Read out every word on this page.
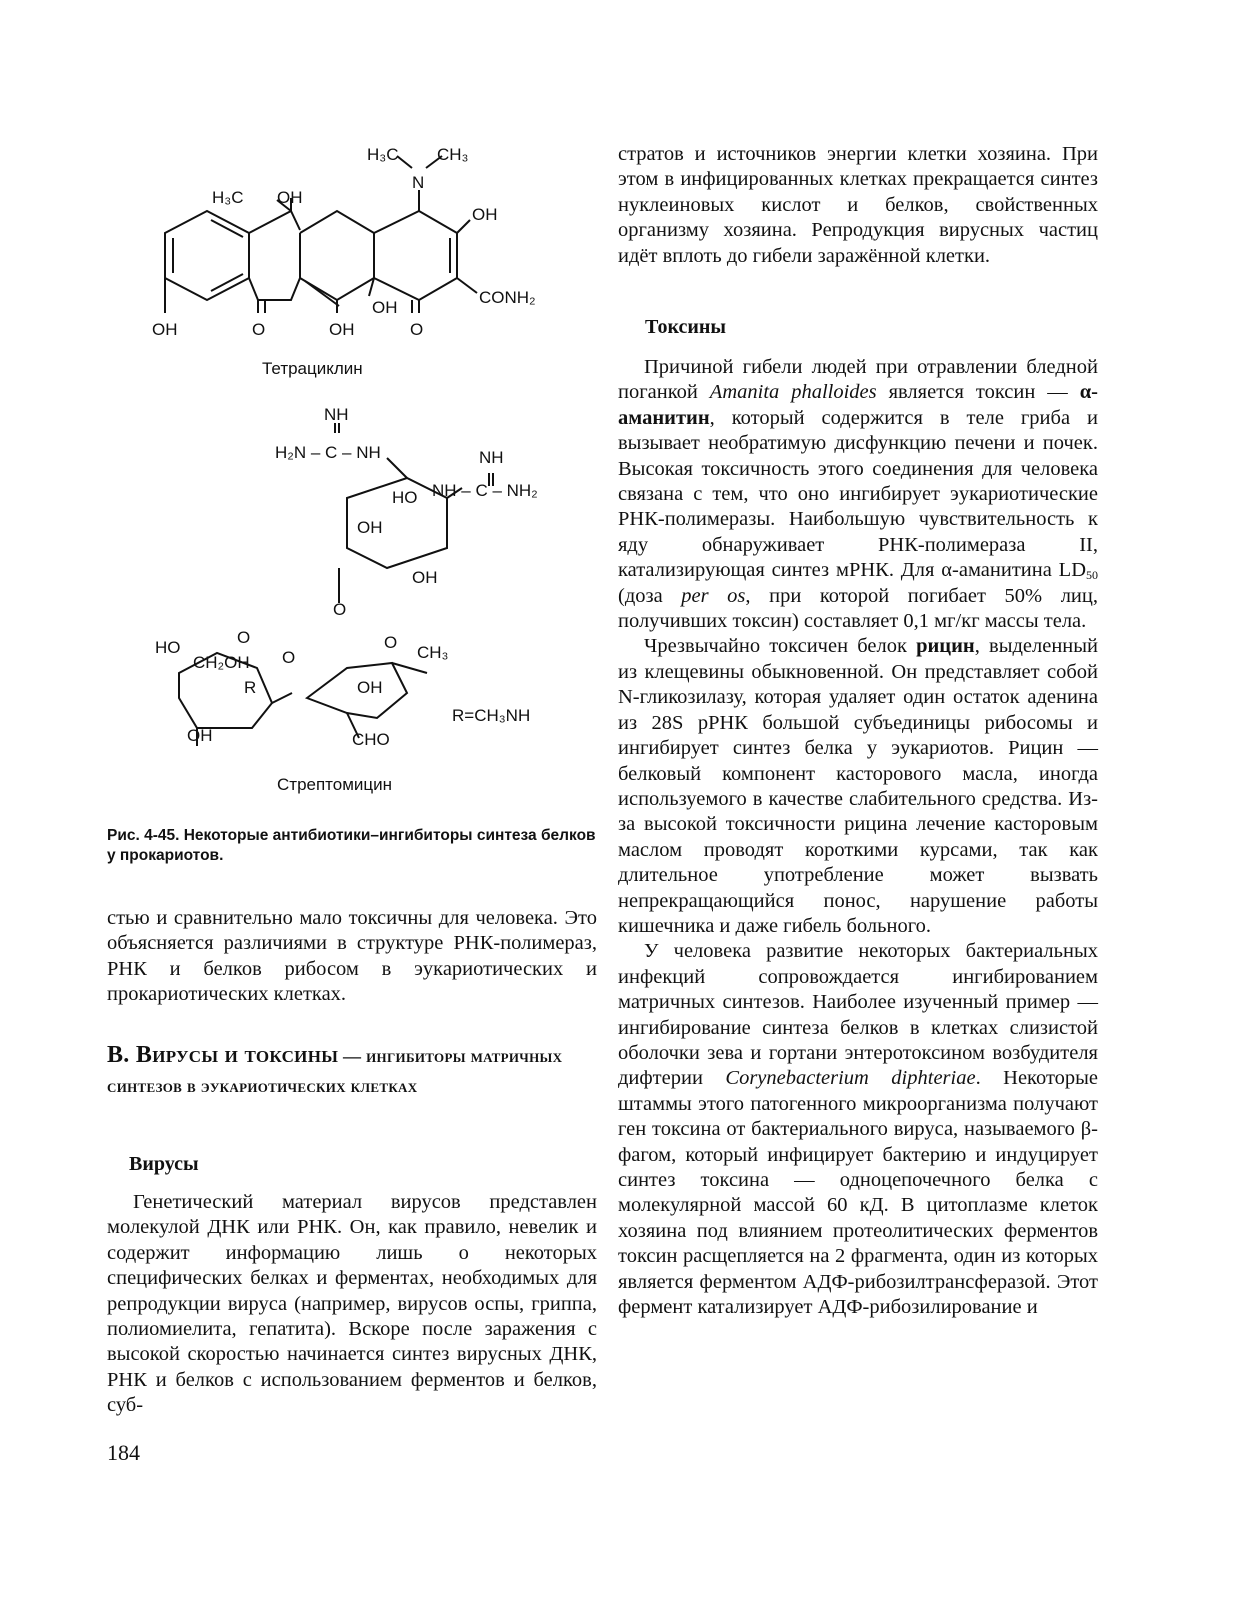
H₃C CH₃
N
H₃C OH
OH
CONH₂
OH
OH	O	OH	O
Тетрациклин
NH
H₂N – C – NH	NH
NH – C – NH₂
HO
OH
OH
O
HO
CH₂OH
R
O
O
O
CH₃
OH
OH	CHO
R=CH₃NH
Стрептомицин
Рис. 4-45. Некоторые антибиотики–ингибиторы синтеза белков у прокариотов.

стью и сравнительно мало токсичны для человека. Это объясняется различиями в структуре РНК-полимераз, РНК и белков рибосом в эукариотических и прокариотических клетках.

В. Вирусы и токсины — ингибиторы матричных синтезов в эукариотических клетках
Вирусы

Генетический материал вирусов представлен молекулой ДНК или РНК. Он, как правило, невелик и содержит информацию лишь о некоторых специфических белках и ферментах, необходимых для репродукции вируса (например, вирусов оспы, гриппа, полиомиелита, гепатита). Вскоре после заражения с высокой скоростью начинается синтез вирусных ДНК, РНК и белков с использованием ферментов и белков, суб-

стратов и источников энергии клетки хозяина. При этом в инфицированных клетках прекращается синтез нуклеиновых кислот и белков, свойственных организму хозяина. Репродукция вирусных частиц идёт вплоть до гибели заражённой клетки.

Токсины

Причиной гибели людей при отравлении бледной поганкой Amanita phalloides является токсин — α-аманитин, который содержится в теле гриба и вызывает необратимую дисфункцию печени и почек. Высокая токсичность этого соединения для человека связана с тем, что оно ингибирует эукариотические РНК-полимеразы. Наибольшую чувствительность к яду обнаруживает РНК-полимераза II, катализирующая синтез мРНК. Для α-аманитина $LD_{50}$ (доза per os, при которой погибает 50% лиц, получивших токсин) составляет 0,1 мг/кг массы тела.

Чрезвычайно токсичен белок рицин, выделенный из клещевины обыкновенной. Он представляет собой N-гликозилазу, которая удаляет один остаток аденина из 28S рРНК большой субъединицы рибосомы и ингибирует синтез белка у эукариотов. Рицин — белковый компонент касторового масла, иногда используемого в качестве слабительного средства. Из-за высокой токсичности рицина лечение касторовым маслом проводят короткими курсами, так как длительное употребление может вызвать непрекращающийся понос, нарушение работы кишечника и даже гибель больного.

У человека развитие некоторых бактериальных инфекций сопровождается ингибированием матричных синтезов. Наиболее изученный пример — ингибирование синтеза белков в клетках слизистой оболочки зева и гортани энтеротоксином возбудителя дифтерии Corynebacterium diphteriae. Некоторые штаммы этого патогенного микроорганизма получают ген токсина от бактериального вируса, называемого β-фагом, который инфицирует бактерию и индуцирует синтез токсина — одноцепочечного белка с молекулярной массой 60 кД. В цитоплазме клеток хозяина под влиянием протеолитических ферментов токсин расщепляется на 2 фрагмента, один из которых является ферментом АДФ-рибозилтрансферазой. Этот фермент катализирует АДФ-рибозилирование и

184
